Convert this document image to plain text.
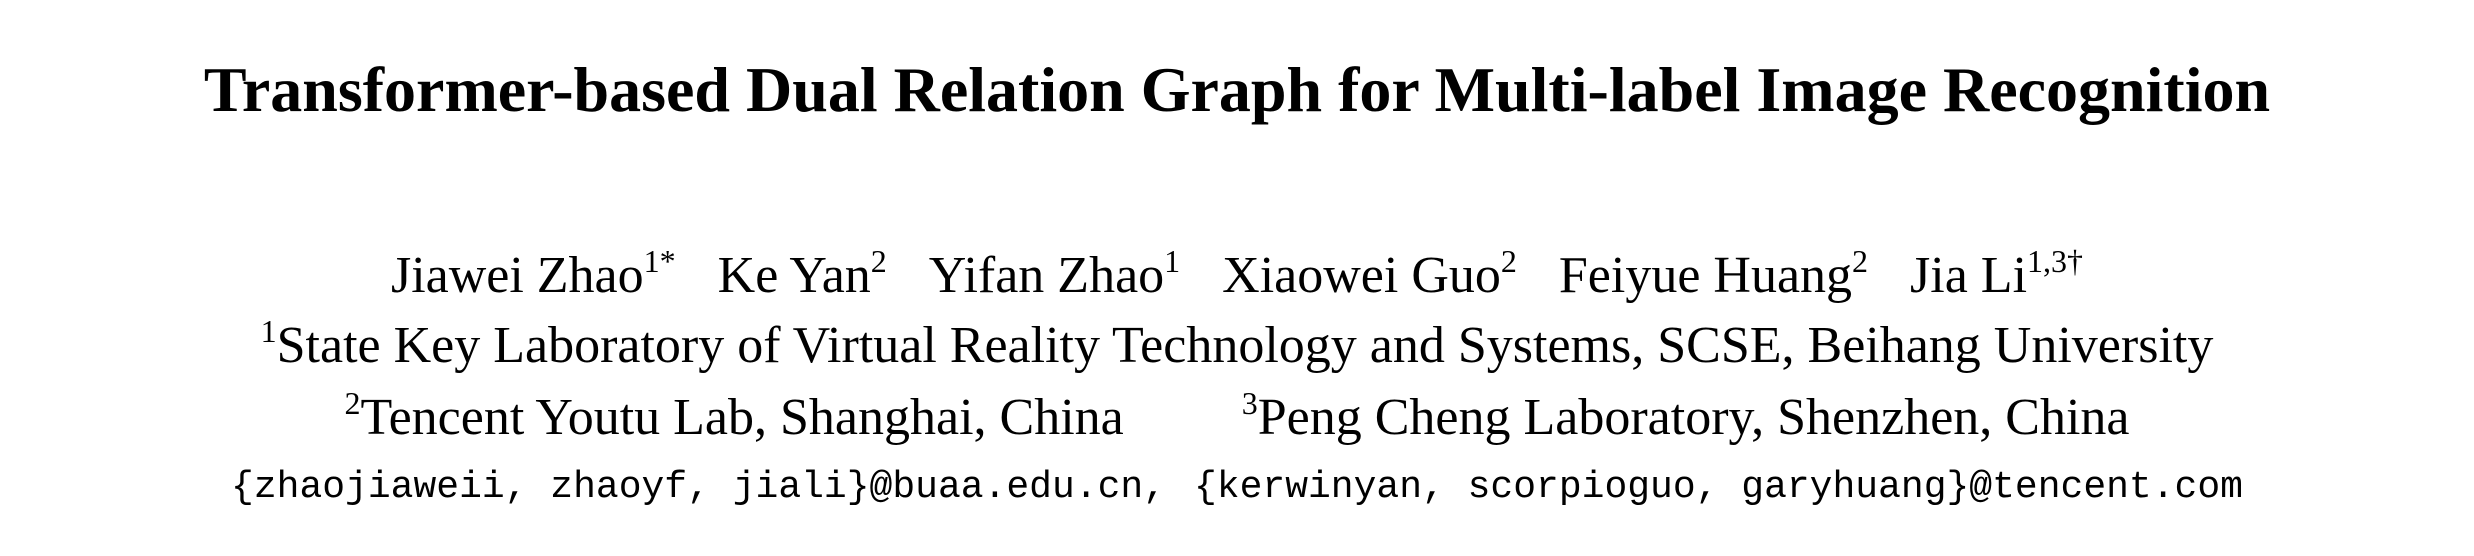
Transformer-based Dual Relation Graph for Multi-label Image Recognition
Jiawei Zhao$^{1*}$ Ke Yan$^2$ Yifan Zhao$^1$ Xiaowei Guo$^2$ Feiyue Huang$^2$ Jia $Li^{1,3\dagger}$
$^1$State Key Laboratory of Virtual Reality Technology and Systems, SCSE, Beihang University
$^2$Tencent Youtu Lab, Shanghai, China	$^3$Peng Cheng Laboratory, Shenzhen, China
{zhaojiaweii, zhaoyf, jiali}@buaa.edu.cn, {kerwinyan, scorpioguo, garyhuang}@tencent.com
